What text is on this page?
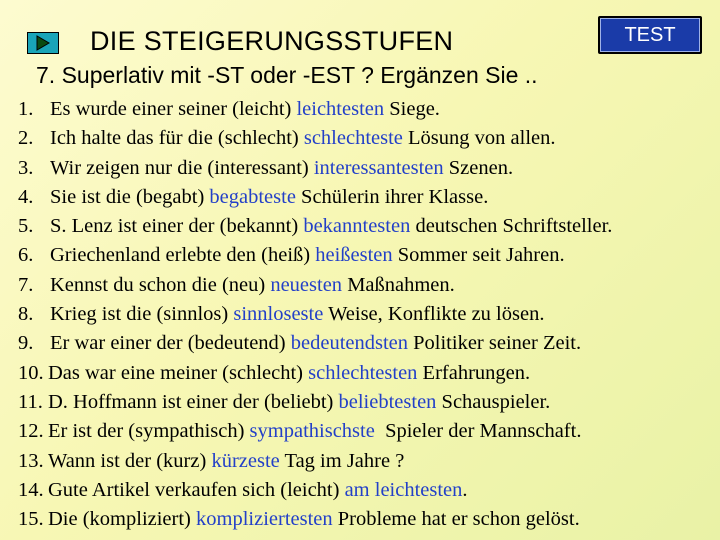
DIE STEIGERUNGSSTUFEN	TEST
7. Superlativ mit -ST oder -EST ? Ergänzen Sie ..
1. Es wurde einer seiner (leicht) leichtesten Siege.
2. Ich halte das für die (schlecht) schlechteste Lösung von allen.
3. Wir zeigen nur die (interessant) interessantesten Szenen.
4. Sie ist die (begabt) begabteste Schülerin ihrer Klasse.
5. S. Lenz ist einer der (bekannt) bekanntesten deutschen Schriftsteller.
6. Griechenland erlebte den (heiß) heißesten Sommer seit Jahren.
7. Kennst du schon die (neu) neuesten Maßnahmen.
8. Krieg ist die (sinnlos) sinnloseste Weise, Konflikte zu lösen.
9. Er war einer der (bedeutend) bedeutendsten Politiker seiner Zeit.
10. Das war eine meiner (schlecht) schlechtesten Erfahrungen.
11. D. Hoffmann ist einer der (beliebt) beliebtesten Schauspieler.
12. Er ist der (sympathisch) sympathischste  Spieler der Mannschaft.
13. Wann ist der (kurz) kürzeste Tag im Jahre ?
14. Gute Artikel verkaufen sich (leicht) am leichtesten.
15. Die (kompliziert) kompliziertesten Probleme hat er schon gelöst.
